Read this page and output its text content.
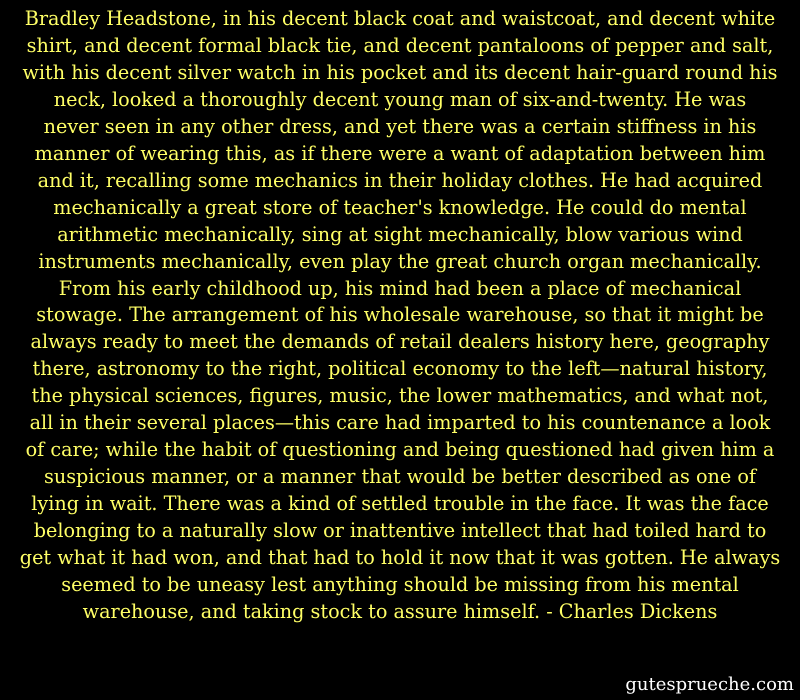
Bradley Headstone, in his decent black coat and waistcoat, and decent white
shirt, and decent formal black tie, and decent pantaloons of pepper and salt,
with his decent silver watch in his pocket and its decent hair-guard round his
neck, looked a thoroughly decent young man of six-and-twenty. He was
never seen in any other dress, and yet there was a certain stiffness in his
manner of wearing this, as if there were a want of adaptation between him
and it, recalling some mechanics in their holiday clothes. He had acquired
mechanically a great store of teacher's knowledge. He could do mental
arithmetic mechanically, sing at sight mechanically, blow various wind
instruments mechanically, even play the great church organ mechanically.
From his early childhood up, his mind had been a place of mechanical
stowage. The arrangement of his wholesale warehouse, so that it might be
always ready to meet the demands of retail dealers history here, geography
there, astronomy to the right, political economy to the left—natural history,
the physical sciences, figures, music, the lower mathematics, and what not,
all in their several places—this care had imparted to his countenance a look
of care; while the habit of questioning and being questioned had given him a
suspicious manner, or a manner that would be better described as one of
lying in wait. There was a kind of settled trouble in the face. It was the face
belonging to a naturally slow or inattentive intellect that had toiled hard to
get what it had won, and that had to hold it now that it was gotten. He always
seemed to be uneasy lest anything should be missing from his mental
warehouse, and taking stock to assure himself. - Charles Dickens
gutesprueche.com
